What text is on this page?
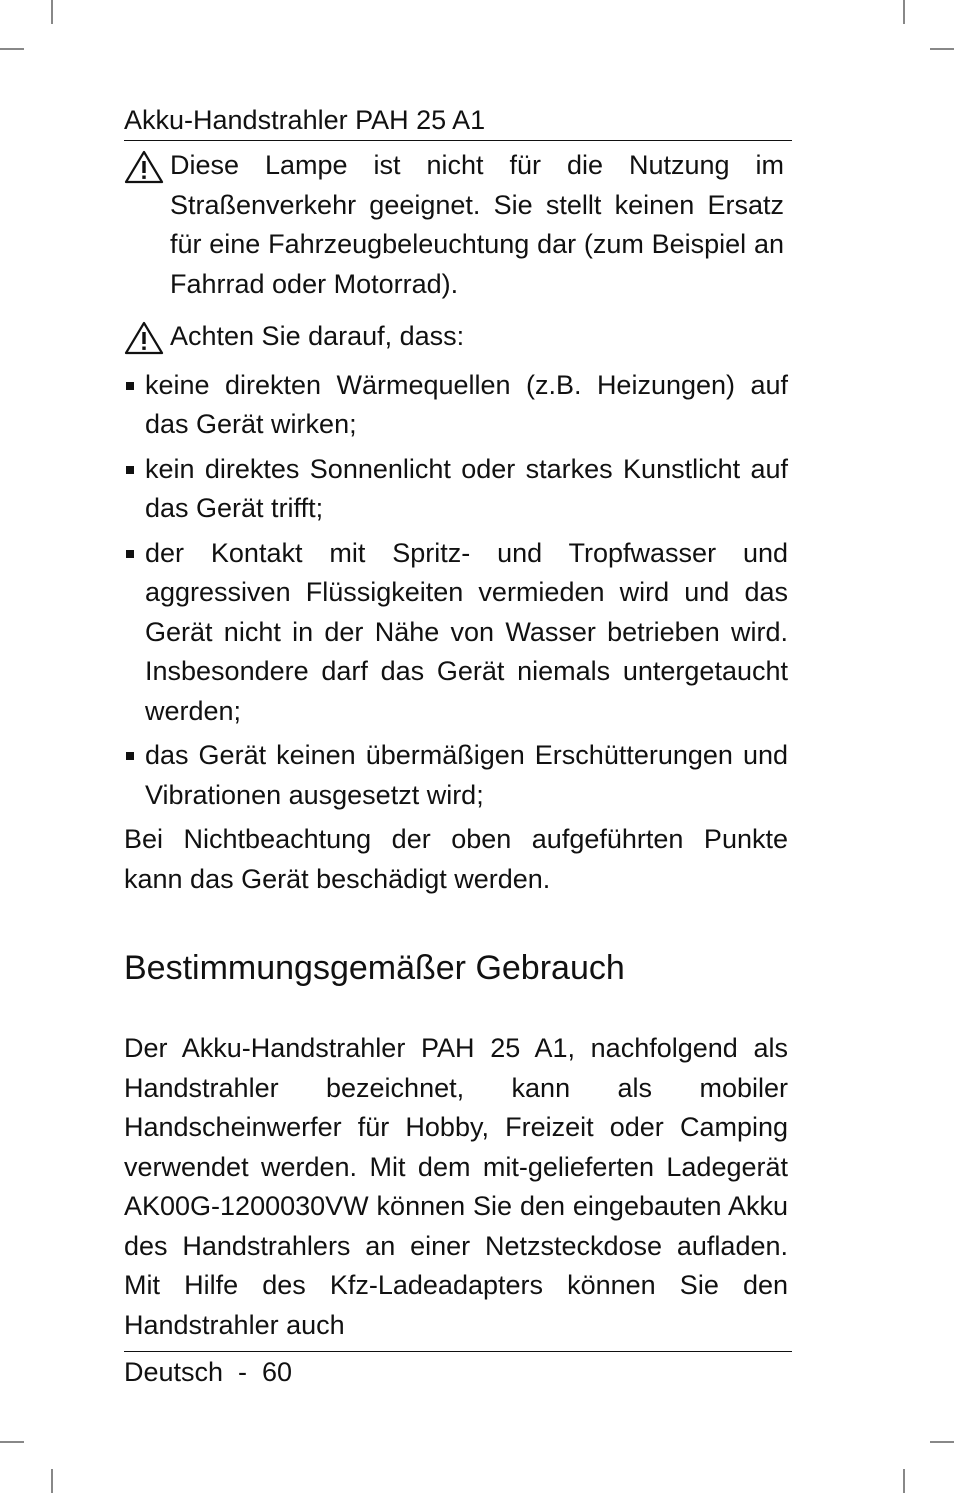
Akku-Handstrahler PAH 25 A1
Diese Lampe ist nicht für die Nutzung im Straßenverkehr geeignet. Sie stellt keinen Ersatz für eine Fahrzeugbeleuchtung dar (zum Beispiel an Fahrrad oder Motorrad).
Achten Sie darauf, dass:
keine direkten Wärmequellen (z.B. Heizungen) auf das Gerät wirken;
kein direktes Sonnenlicht oder starkes Kunstlicht auf das Gerät trifft;
der Kontakt mit Spritz- und Tropfwasser und aggressiven Flüssigkeiten vermieden wird und das Gerät nicht in der Nähe von Wasser betrieben wird. Insbesondere darf das Gerät niemals untergetaucht werden;
das Gerät keinen übermäßigen Erschütterungen und Vibrationen ausgesetzt wird;
Bei Nichtbeachtung der oben aufgeführten Punkte kann das Gerät beschädigt werden.
Bestimmungsgemäßer Gebrauch
Der Akku-Handstrahler PAH 25 A1, nachfolgend als Handstrahler bezeichnet, kann als mobiler Handscheinwerfer für Hobby, Freizeit oder Camping verwendet werden. Mit dem mit-gelieferten Ladegerät AK00G-1200030VW können Sie den eingebauten Akku des Handstrahlers an einer Netzsteckdose aufladen. Mit Hilfe des Kfz-Ladeadapters können Sie den Handstrahler auch
Deutsch  -  60
